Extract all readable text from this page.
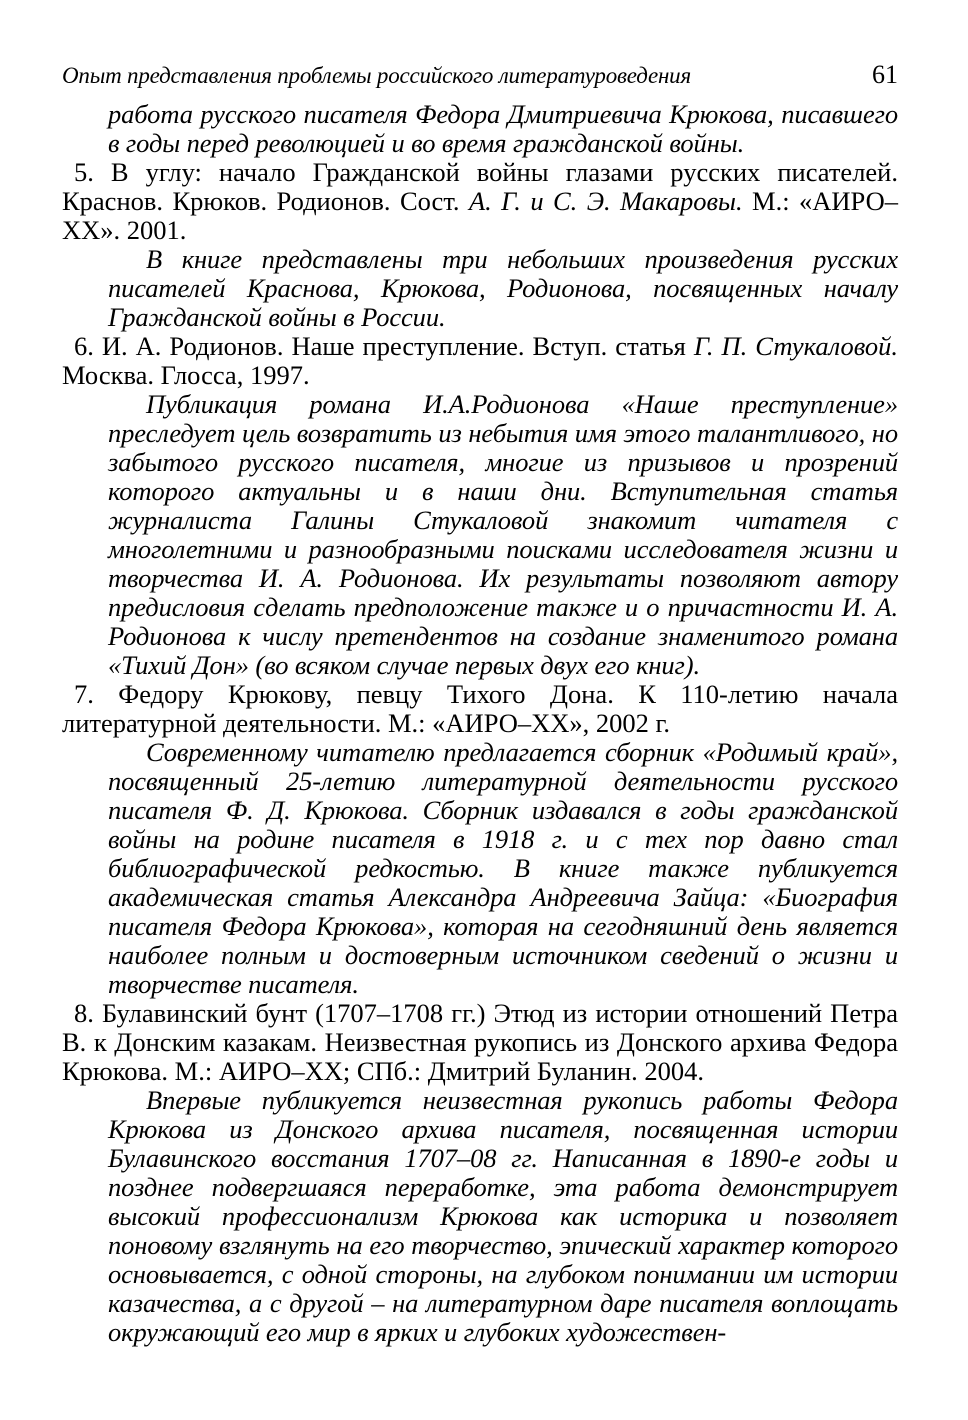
Опыт представления проблемы российского литературоведения	61

работа русского писателя Федора Дмитриевича Крюкова, писавшего в годы перед революцией и во время гражданской войны.

5. В углу: начало Гражданской войны глазами русских писателей. Краснов. Крюков. Родионов. Сост. А. Г. и С. Э. Макаровы. М.: «АИРО–XX». 2001.

В книге представлены три небольших произведения русских писателей Краснова, Крюкова, Родионова, посвященных началу Гражданской войны в России.

6. И. А. Родионов. Наше преступление. Вступ. статья Г. П. Стукаловой. Москва. Глосса, 1997.

Публикация романа И.А.Родионова «Наше преступление» преследует цель возвратить из небытия имя этого талантливого, но забытого русского писателя, многие из призывов и прозрений которого актуальны и в наши дни. Вступительная статья журналиста Галины Стукаловой знакомит читателя с многолетними и разнообразными поисками исследователя жизни и творчества И. А. Родионова. Их результаты позволяют автору предисловия сделать предположение также и о причастности И. А. Родионова к числу претендентов на создание знаменитого романа «Тихий Дон» (во всяком случае первых двух его книг).

7. Федору Крюкову, певцу Тихого Дона. К 110-летию начала литературной деятельности. М.: «АИРО–XX», 2002 г.

Современному читателю предлагается сборник «Родимый край», посвященный 25-летию литературной деятельности русского писателя Ф. Д. Крюкова. Сборник издавался в годы гражданской войны на родине писателя в 1918 г. и с тех пор давно стал библиографической редкостью. В книге также публикуется академическая статья Александра Андреевича Зайца: «Биография писателя Федора Крюкова», которая на сегодняшний день является наиболее полным и достоверным источником сведений о жизни и творчестве писателя.

8. Булавинский бунт (1707–1708 гг.) Этюд из истории отношений Петра В. к Донским казакам. Неизвестная рукопись из Донского архива Федора Крюкова. М.: АИРО–XX; СПб.: Дмитрий Буланин. 2004.

Впервые публикуется неизвестная рукопись работы Федора Крюкова из Донского архива писателя, посвященная истории Булавинского восстания 1707–08 гг. Написанная в 1890-е годы и позднее подвергшаяся переработке, эта работа демонстрирует высокий профессионализм Крюкова как историка и позволяет поновому взглянуть на его творчество, эпический характер которого основывается, с одной стороны, на глубоком понимании им истории казачества, а с другой – на литературном даре писателя воплощать окружающий его мир в ярких и глубоких художествен-
